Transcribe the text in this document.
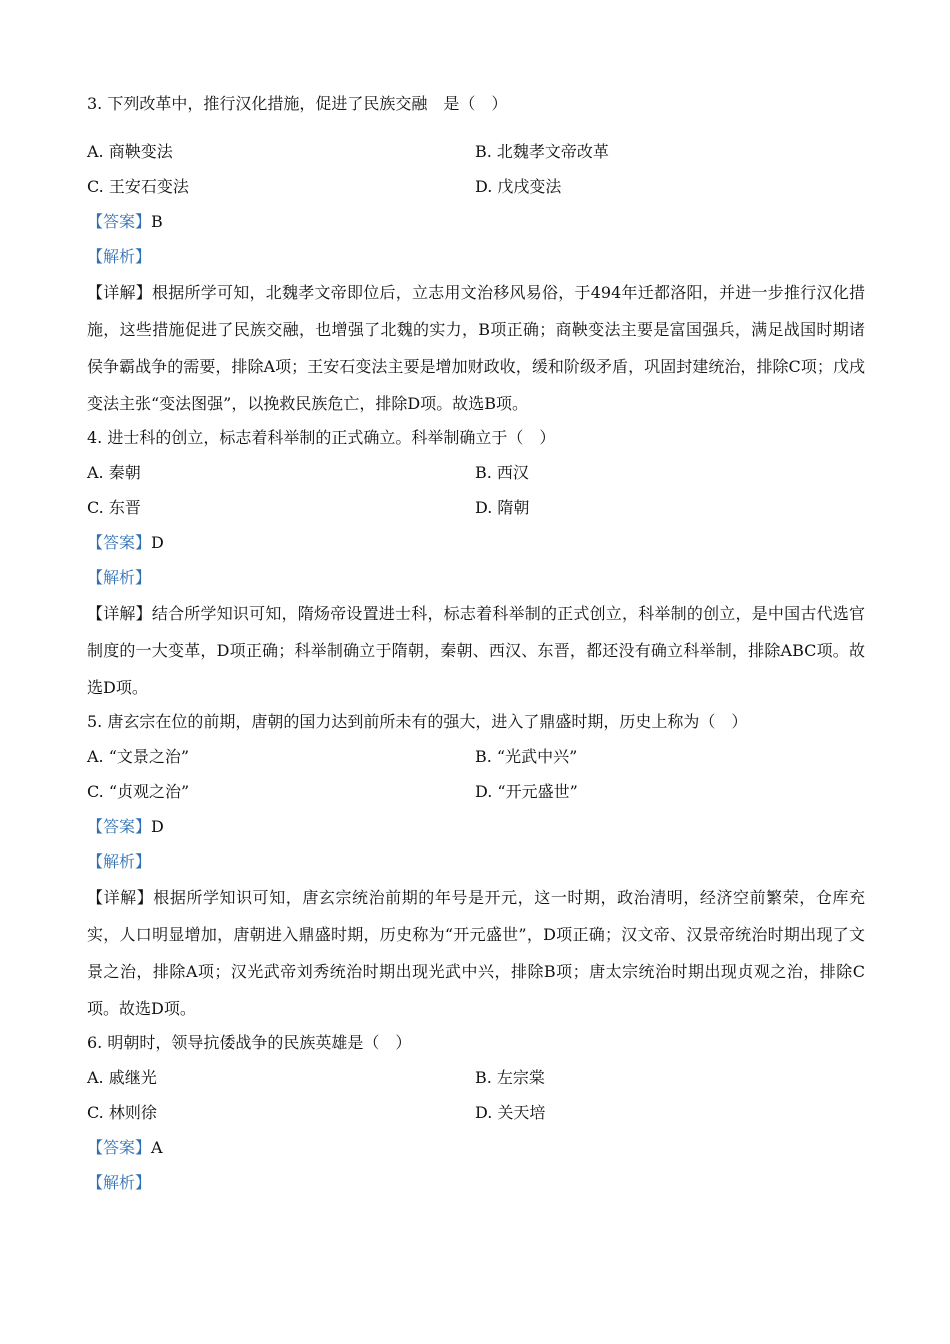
3. 下列改革中，推行汉化措施，促进了民族交融　是（　）
A. 商鞅变法	B. 北魏孝文帝改革
C. 王安石变法	D. 戊戌变法
【答案】B
【解析】
【详解】根据所学可知，北魏孝文帝即位后，立志用文治移风易俗，于494年迁都洛阳，并进一步推行汉化措施，这些措施促进了民族交融，也增强了北魏的实力，B项正确；商鞅变法主要是富国强兵，满足战国时期诸侯争霸战争的需要，排除A项；王安石变法主要是增加财政收，缓和阶级矛盾，巩固封建统治，排除C项；戊戌变法主张“变法图强”，以挽救民族危亡，排除D项。故选B项。
4. 进士科的创立，标志着科举制的正式确立。科举制确立于（　）
A. 秦朝	B. 西汉
C. 东晋	D. 隋朝
【答案】D
【解析】
【详解】结合所学知识可知，隋炀帝设置进士科，标志着科举制的正式创立，科举制的创立，是中国古代选官制度的一大变革，D项正确；科举制确立于隋朝，秦朝、西汉、东晋，都还没有确立科举制，排除ABC项。故选D项。
5. 唐玄宗在位的前期，唐朝的国力达到前所未有的强大，进入了鼎盛时期，历史上称为（　）
A. “文景之治”	B. “光武中兴”
C. “贞观之治”	D. “开元盛世”
【答案】D
【解析】
【详解】根据所学知识可知，唐玄宗统治前期的年号是开元，这一时期，政治清明，经济空前繁荣，仓库充实，人口明显增加，唐朝进入鼎盛时期，历史称为“开元盛世”，D项正确；汉文帝、汉景帝统治时期出现了文景之治，排除A项；汉光武帝刘秀统治时期出现光武中兴，排除B项；唐太宗统治时期出现贞观之治，排除C项。故选D项。
6. 明朝时，领导抗倭战争的民族英雄是（　）
A. 戚继光	B. 左宗棠
C. 林则徐	D. 关天培
【答案】A
【解析】
